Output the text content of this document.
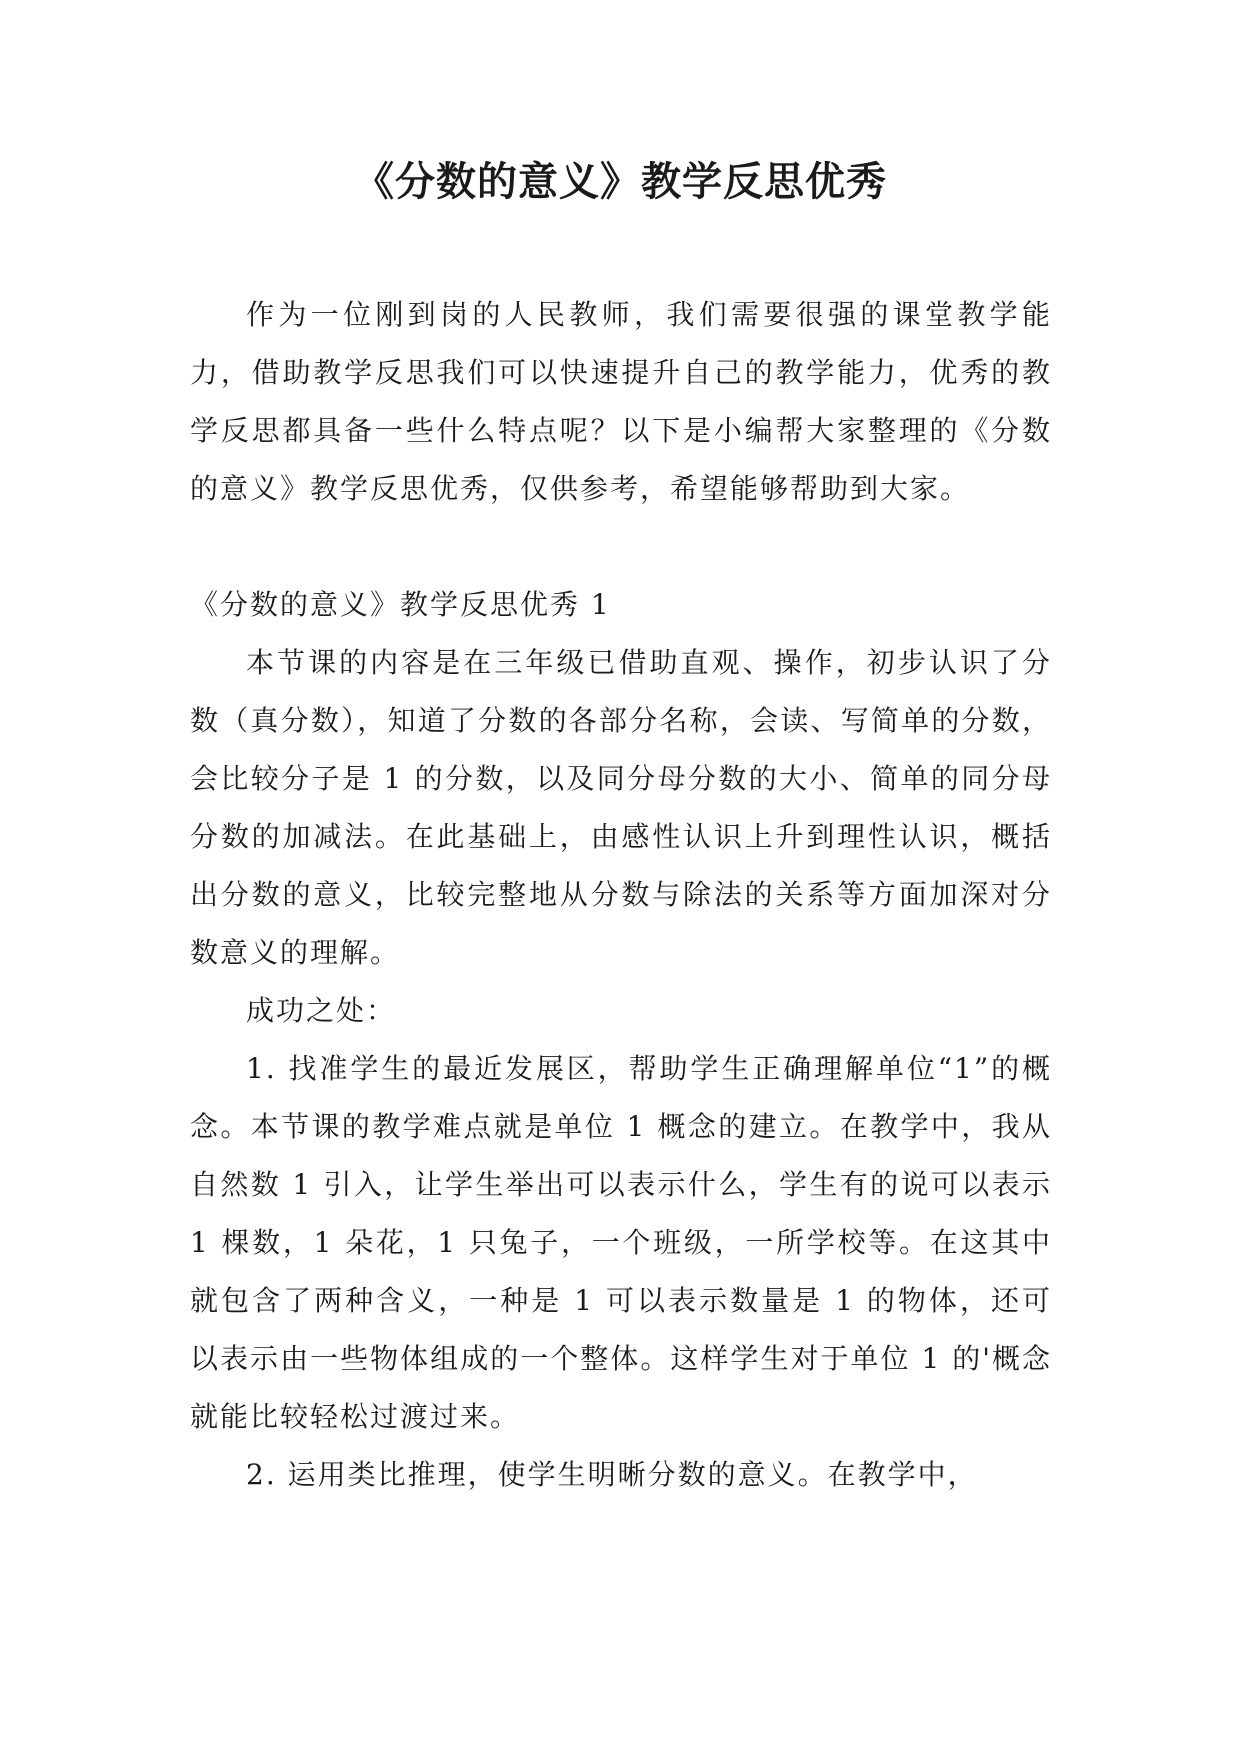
《分数的意义》教学反思优秀

作为一位刚到岗的人民教师，我们需要很强的课堂教学能力，借助教学反思我们可以快速提升自己的教学能力，优秀的教学反思都具备一些什么特点呢？以下是小编帮大家整理的《分数的意义》教学反思优秀，仅供参考，希望能够帮助到大家。

《分数的意义》教学反思优秀 1

本节课的内容是在三年级已借助直观、操作，初步认识了分数（真分数），知道了分数的各部分名称，会读、写简单的分数，会比较分子是 1 的分数，以及同分母分数的大小、简单的同分母分数的加减法。在此基础上，由感性认识上升到理性认识，概括出分数的意义，比较完整地从分数与除法的关系等方面加深对分数意义的理解。

成功之处：

1. 找准学生的最近发展区，帮助学生正确理解单位“1”的概念。本节课的教学难点就是单位 1 概念的建立。在教学中，我从自然数 1 引入，让学生举出可以表示什么，学生有的说可以表示 1 棵数，1 朵花，1 只兔子，一个班级，一所学校等。在这其中就包含了两种含义，一种是 1 可以表示数量是 1 的物体，还可以表示由一些物体组成的一个整体。这样学生对于单位 1 的'概念就能比较轻松过渡过来。

2. 运用类比推理，使学生明晰分数的意义。在教学中，
